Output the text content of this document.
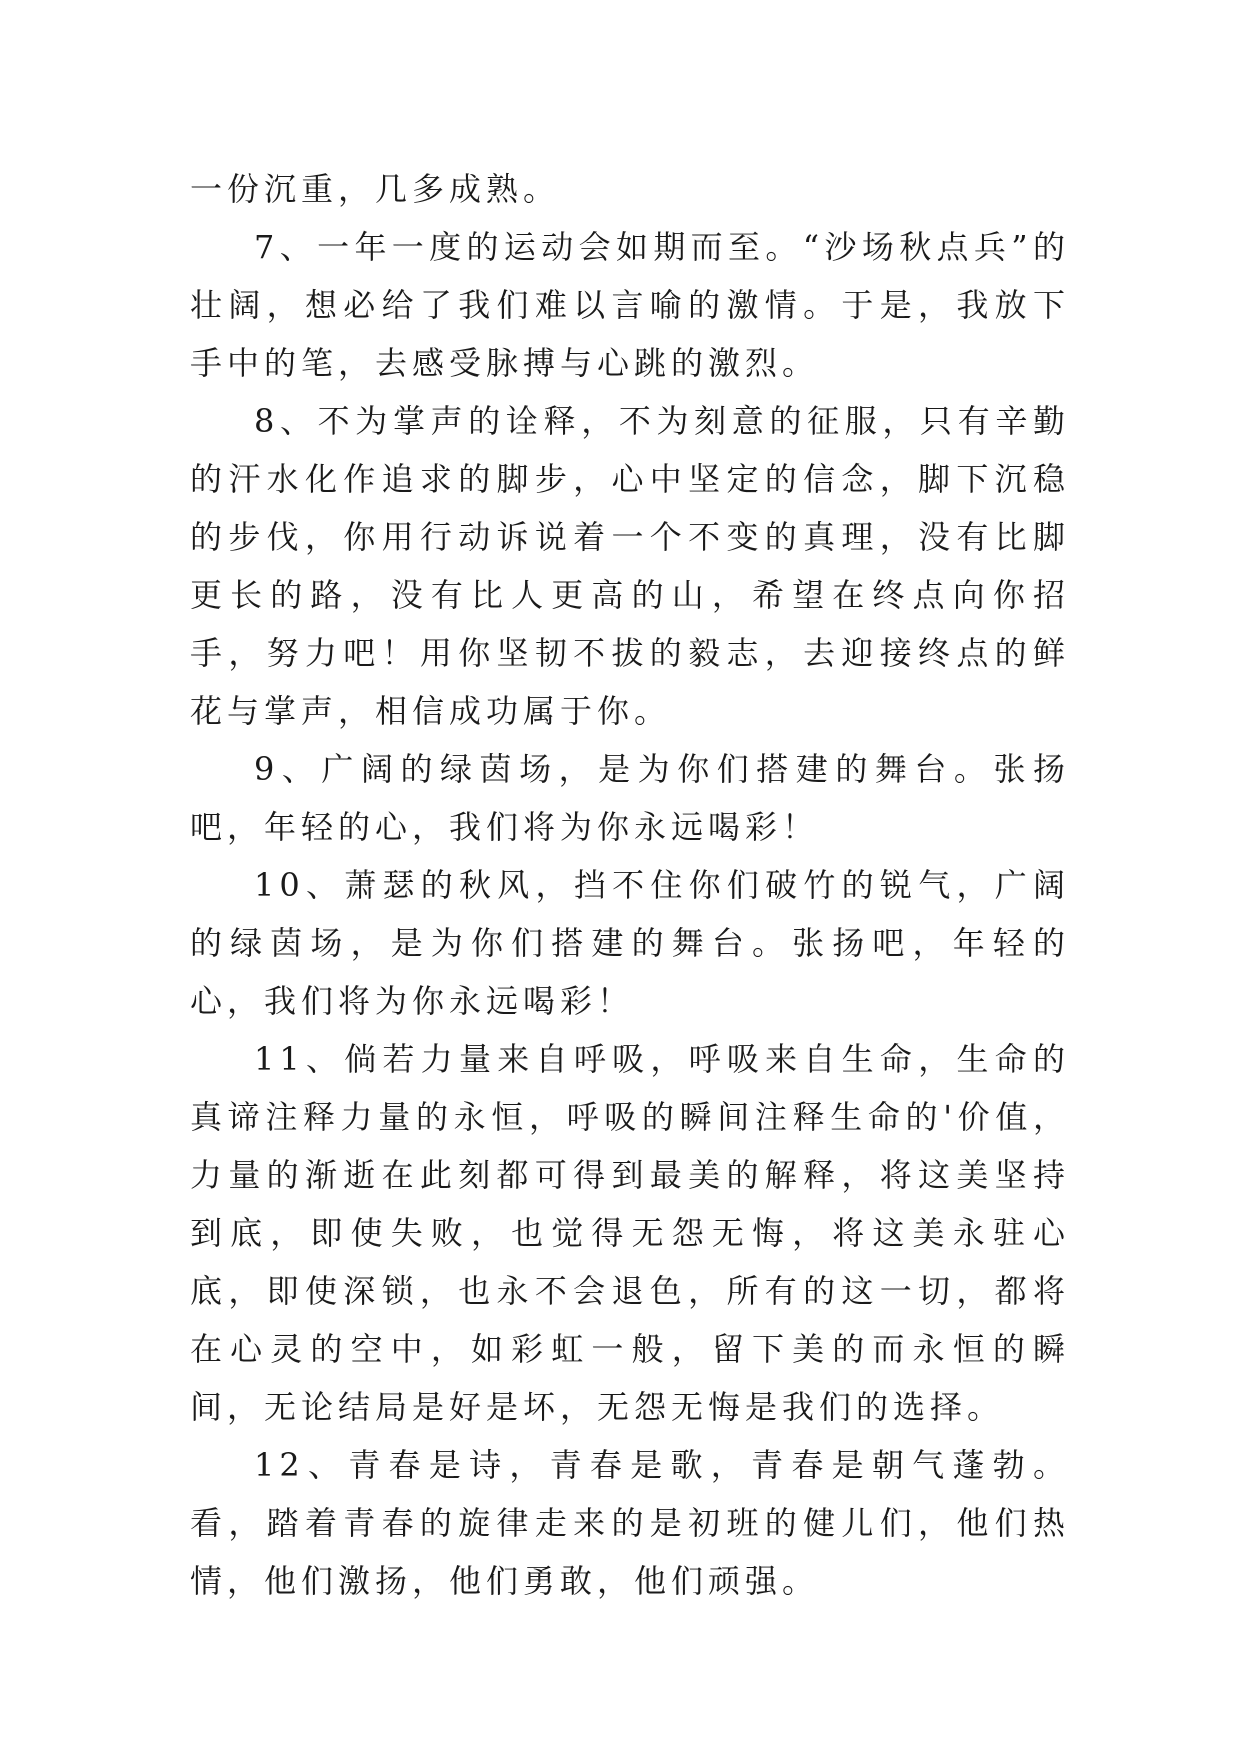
一份沉重，几多成熟。

7、一年一度的运动会如期而至。“沙场秋点兵”的壮阔，想必给了我们难以言喻的激情。于是，我放下手中的笔，去感受脉搏与心跳的激烈。

8、不为掌声的诠释，不为刻意的征服，只有辛勤的汗水化作追求的脚步，心中坚定的信念，脚下沉稳的步伐，你用行动诉说着一个不变的真理，没有比脚更长的路，没有比人更高的山，希望在终点向你招手，努力吧！用你坚韧不拔的毅志，去迎接终点的鲜花与掌声，相信成功属于你。

9、广阔的绿茵场，是为你们搭建的舞台。张扬吧，年轻的心，我们将为你永远喝彩！

10、萧瑟的秋风，挡不住你们破竹的锐气，广阔的绿茵场，是为你们搭建的舞台。张扬吧，年轻的心，我们将为你永远喝彩！

11、倘若力量来自呼吸，呼吸来自生命，生命的真谛注释力量的永恒，呼吸的瞬间注释生命的'价值，力量的渐逝在此刻都可得到最美的解释，将这美坚持到底，即使失败，也觉得无怨无悔，将这美永驻心底，即使深锁，也永不会退色，所有的这一切，都将在心灵的空中，如彩虹一般，留下美的而永恒的瞬间，无论结局是好是坏，无怨无悔是我们的选择。

12、青春是诗，青春是歌，青春是朝气蓬勃。看，踏着青春的旋律走来的是初班的健儿们，他们热情，他们激扬，他们勇敢，他们顽强。
